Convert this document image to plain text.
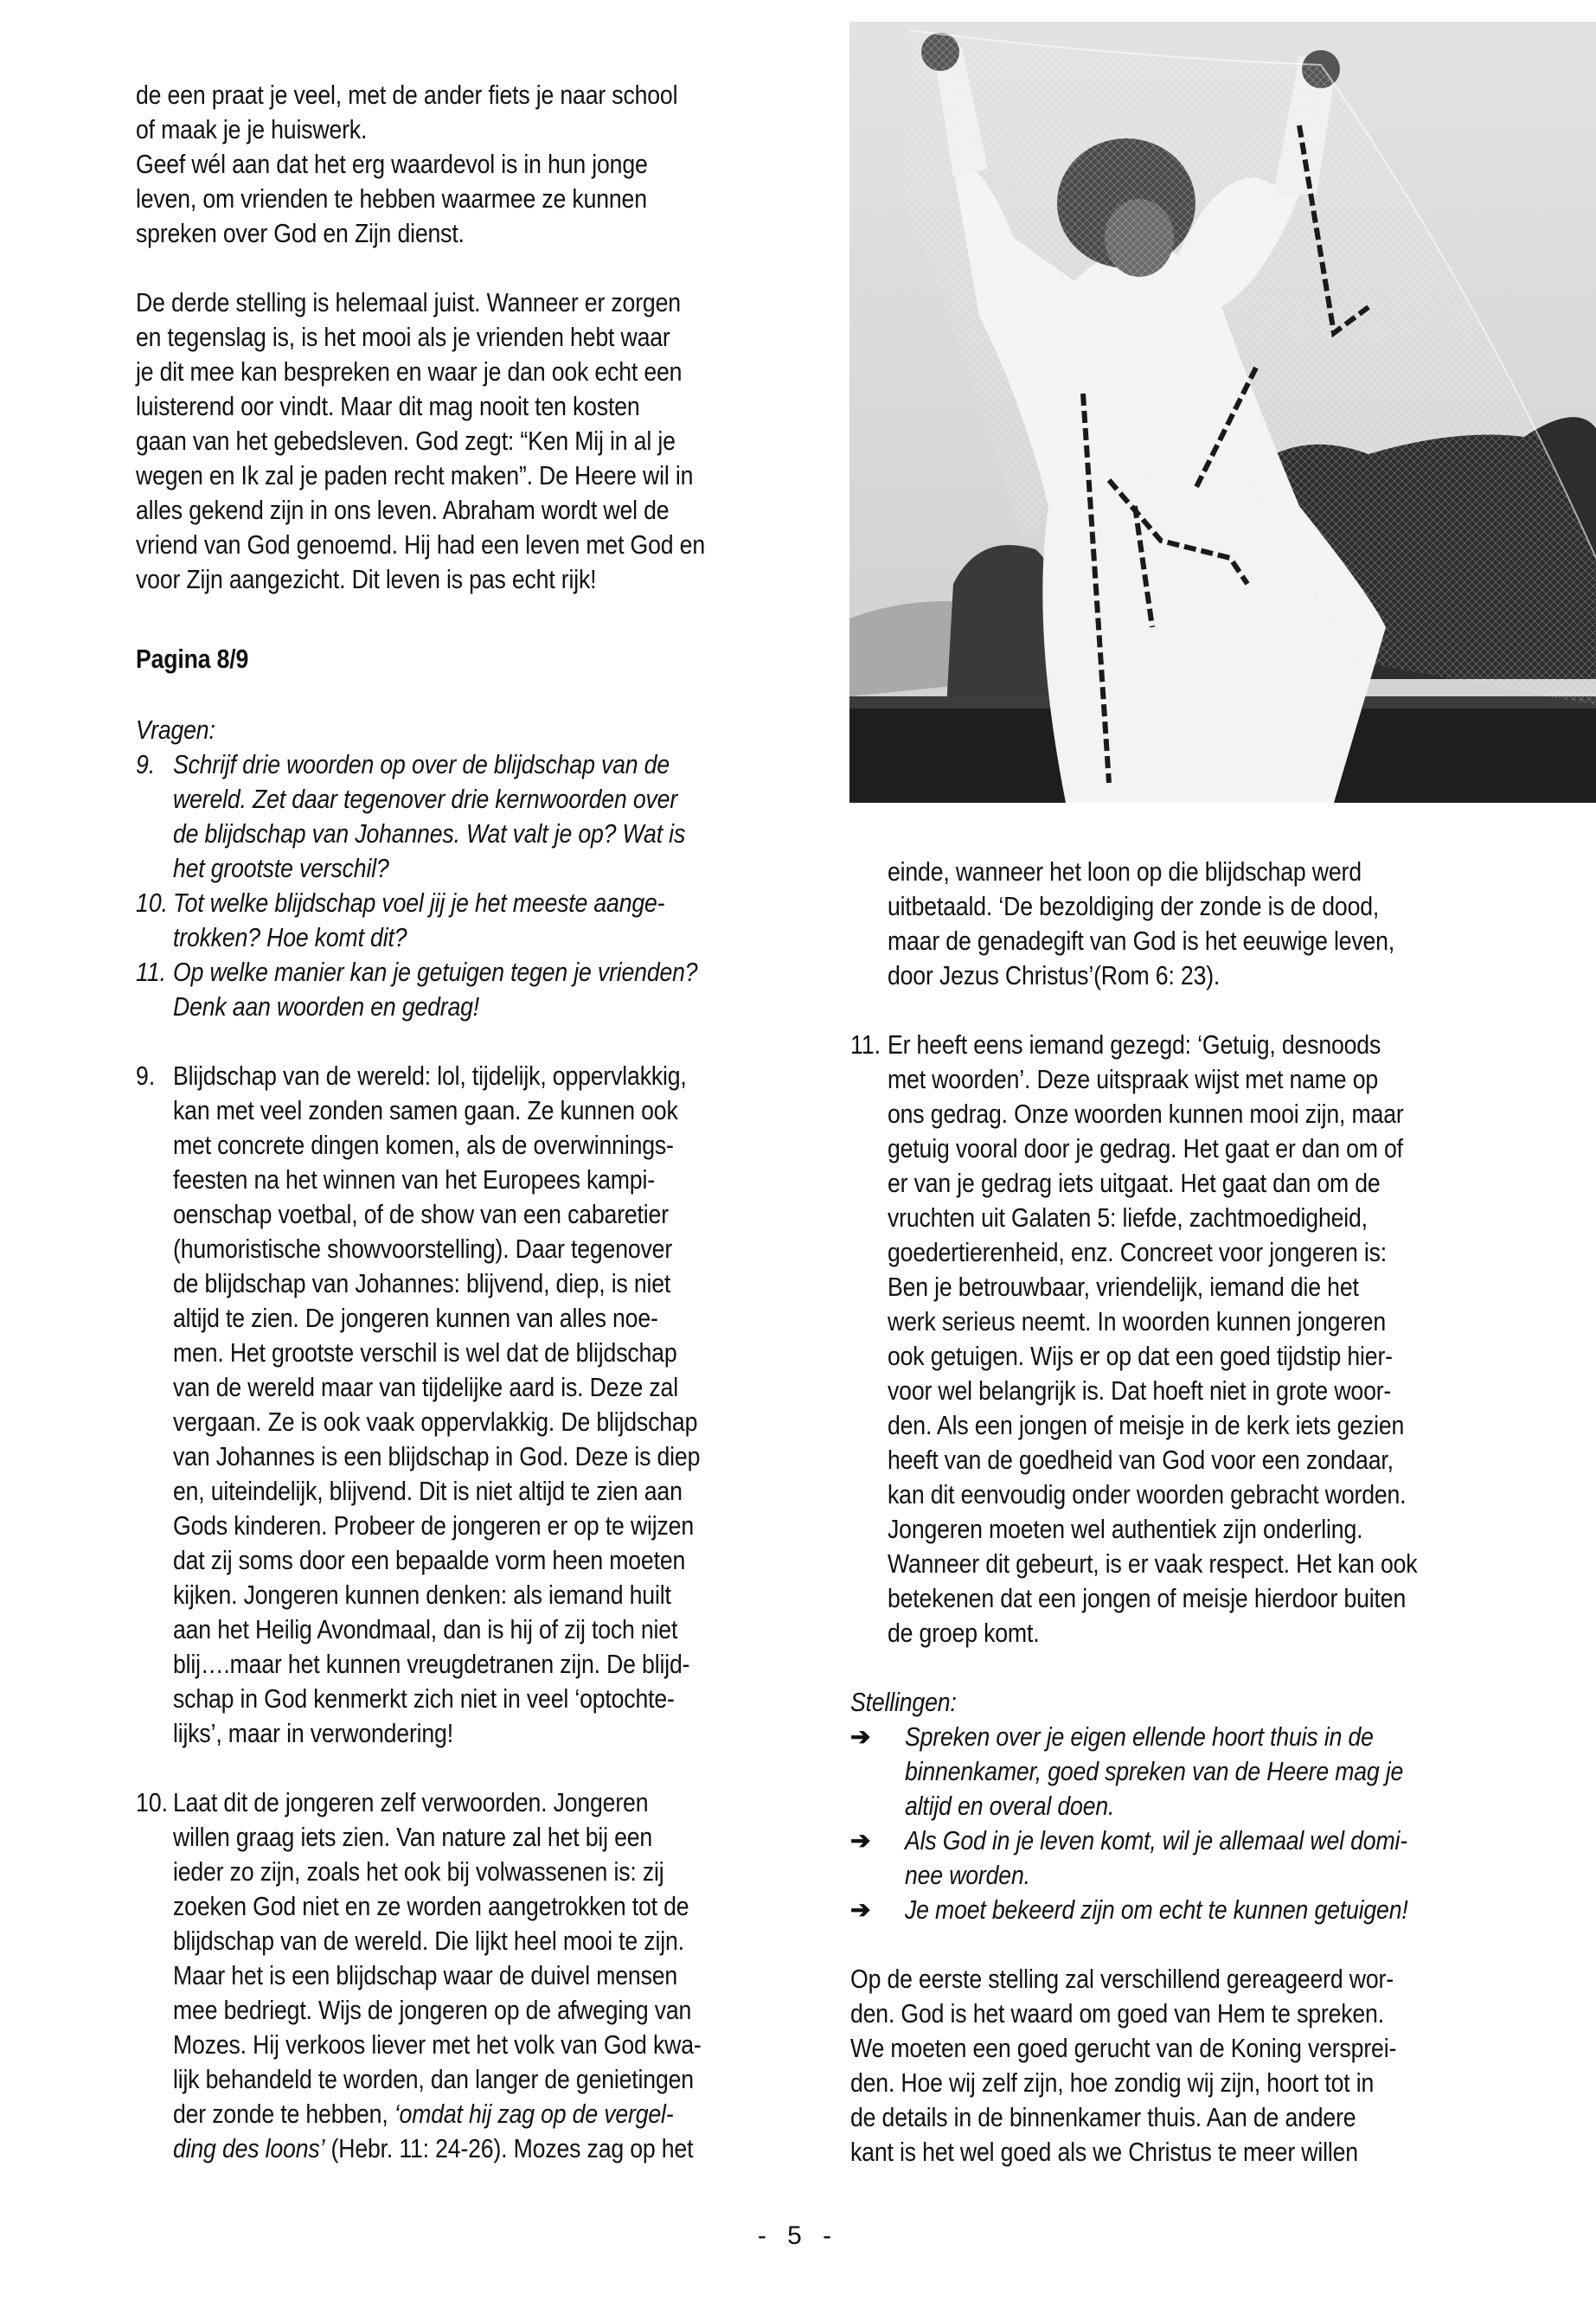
de een praat je veel, met de ander fiets je naar school
of maak je je huiswerk.
Geef wél aan dat het erg waardevol is in hun jonge
leven, om vrienden te hebben waarmee ze kunnen
spreken over God en Zijn dienst.
De derde stelling is helemaal juist. Wanneer er zorgen
en tegenslag is, is het mooi als je vrienden hebt waar
je dit mee kan bespreken en waar je dan ook echt een
luisterend oor vindt. Maar dit mag nooit ten kosten
gaan van het gebedsleven. God zegt: “Ken Mij in al je
wegen en Ik zal je paden recht maken”. De Heere wil in
alles gekend zijn in ons leven. Abraham wordt wel de
vriend van God genoemd. Hij had een leven met God en
voor Zijn aangezicht. Dit leven is pas echt rijk!
Pagina 8/9
Vragen:
9. Schrijf drie woorden op over de blijdschap van de
wereld. Zet daar tegenover drie kernwoorden over
de blijdschap van Johannes. Wat valt je op? Wat is
het grootste verschil?
10. Tot welke blijdschap voel jij je het meeste aange-
trokken? Hoe komt dit?
11. Op welke manier kan je getuigen tegen je vrienden?
Denk aan woorden en gedrag!
9. Blijdschap van de wereld: lol, tijdelijk, oppervlakkig,
kan met veel zonden samen gaan. Ze kunnen ook
met concrete dingen komen, als de overwinnings-
feesten na het winnen van het Europees kampi-
oenschap voetbal, of de show van een cabaretier
(humoristische showvoorstelling). Daar tegenover
de blijdschap van Johannes: blijvend, diep, is niet
altijd te zien. De jongeren kunnen van alles noe-
men. Het grootste verschil is wel dat de blijdschap
van de wereld maar van tijdelijke aard is. Deze zal
vergaan. Ze is ook vaak oppervlakkig. De blijdschap
van Johannes is een blijdschap in God. Deze is diep
en, uiteindelijk, blijvend. Dit is niet altijd te zien aan
Gods kinderen. Probeer de jongeren er op te wijzen
dat zij soms door een bepaalde vorm heen moeten
kijken. Jongeren kunnen denken: als iemand huilt
aan het Heilig Avondmaal, dan is hij of zij toch niet
blij….maar het kunnen vreugdetranen zijn. De blijd-
schap in God kenmerkt zich niet in veel ‘optochte-
lijks’, maar in verwondering!
10. Laat dit de jongeren zelf verwoorden. Jongeren
willen graag iets zien. Van nature zal het bij een
ieder zo zijn, zoals het ook bij volwassenen is: zij
zoeken God niet en ze worden aangetrokken tot de
blijdschap van de wereld. Die lijkt heel mooi te zijn.
Maar het is een blijdschap waar de duivel mensen
mee bedriegt. Wijs de jongeren op de afweging van
Mozes. Hij verkoos liever met het volk van God kwa-
lijk behandeld te worden, dan langer de genietingen
der zonde te hebben, ‘omdat hij zag op de vergel-
ding des loons’ (Hebr. 11: 24-26). Mozes zag op het
einde, wanneer het loon op die blijdschap werd
uitbetaald. ‘De bezoldiging der zonde is de dood,
maar de genadegift van God is het eeuwige leven,
door Jezus Christus’(Rom 6: 23).
11. Er heeft eens iemand gezegd: ‘Getuig, desnoods
met woorden’. Deze uitspraak wijst met name op
ons gedrag. Onze woorden kunnen mooi zijn, maar
getuig vooral door je gedrag. Het gaat er dan om of
er van je gedrag iets uitgaat. Het gaat dan om de
vruchten uit Galaten 5: liefde, zachtmoedigheid,
goedertierenheid, enz. Concreet voor jongeren is:
Ben je betrouwbaar, vriendelijk, iemand die het
werk serieus neemt. In woorden kunnen jongeren
ook getuigen. Wijs er op dat een goed tijdstip hier-
voor wel belangrijk is. Dat hoeft niet in grote woor-
den. Als een jongen of meisje in de kerk iets gezien
heeft van de goedheid van God voor een zondaar,
kan dit eenvoudig onder woorden gebracht worden.
Jongeren moeten wel authentiek zijn onderling.
Wanneer dit gebeurt, is er vaak respect. Het kan ook
betekenen dat een jongen of meisje hierdoor buiten
de groep komt.
Stellingen:
➔ Spreken over je eigen ellende hoort thuis in de
binnenkamer, goed spreken van de Heere mag je
altijd en overal doen.
➔ Als God in je leven komt, wil je allemaal wel domi-
nee worden.
➔ Je moet bekeerd zijn om echt te kunnen getuigen!
Op de eerste stelling zal verschillend gereageerd wor-
den. God is het waard om goed van Hem te spreken.
We moeten een goed gerucht van de Koning versprei-
den. Hoe wij zelf zijn, hoe zondig wij zijn, hoort tot in
de details in de binnenkamer thuis. Aan de andere
kant is het wel goed als we Christus te meer willen
- 5 -
